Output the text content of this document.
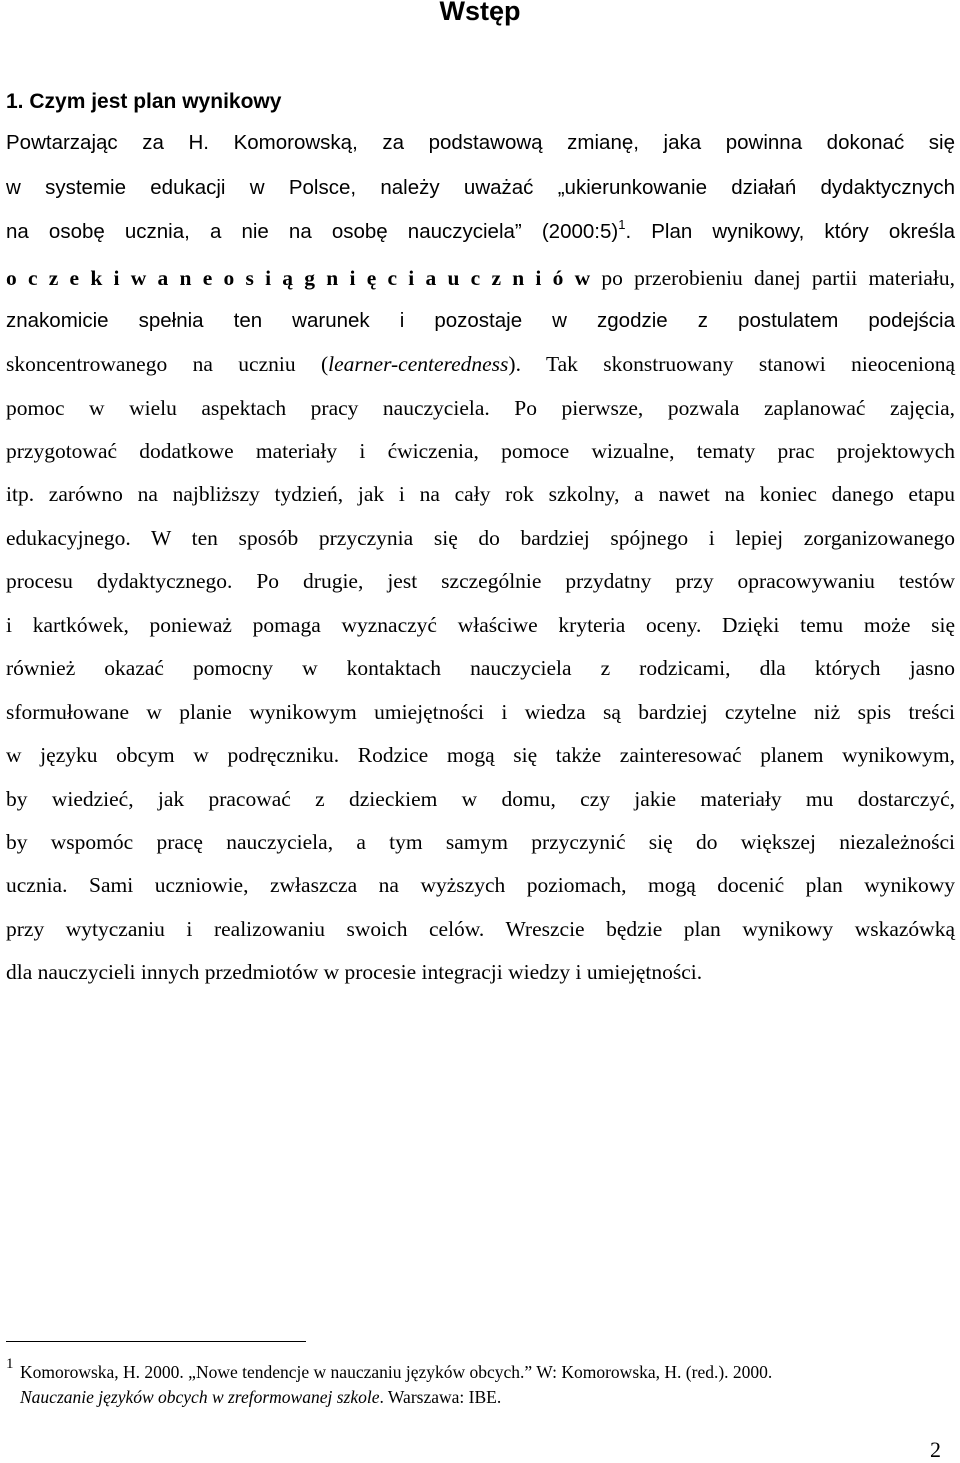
Wstęp
1. Czym jest plan wynikowy
Powtarzając za H. Komorowską, za podstawową zmianę, jaka powinna dokonać się
w systemie edukacji w Polsce, należy uważać „ukierunkowanie działań dydaktycznych
na osobę ucznia, a nie na osobę nauczyciela” (2000:5)$^1$. Plan wynikowy, który określa
o c z e k i w a n e o s i ą g n i ę c i a u c z n i ó w po przerobieniu danej partii materiału,
znakomicie spełnia ten warunek i pozostaje w zgodzie z postulatem podejścia
skoncentrowanego na uczniu (learner-centeredness). Tak skonstruowany stanowi nieocenioną
pomoc w wielu aspektach pracy nauczyciela. Po pierwsze, pozwala zaplanować zajęcia,
przygotować dodatkowe materiały i ćwiczenia, pomoce wizualne, tematy prac projektowych
itp. zarówno na najbliższy tydzień, jak i na cały rok szkolny, a nawet na koniec danego etapu
edukacyjnego. W ten sposób przyczynia się do bardziej spójnego i lepiej zorganizowanego
procesu dydaktycznego. Po drugie, jest szczególnie przydatny przy opracowywaniu testów
i kartkówek, ponieważ pomaga wyznaczyć właściwe kryteria oceny. Dzięki temu może się
również okazać pomocny w kontaktach nauczyciela z rodzicami, dla których jasno
sformułowane w planie wynikowym umiejętności i wiedza są bardziej czytelne niż spis treści
w języku obcym w podręczniku. Rodzice mogą się także zainteresować planem wynikowym,
by wiedzieć, jak pracować z dzieckiem w domu, czy jakie materiały mu dostarczyć,
by wspomóc pracę nauczyciela, a tym samym przyczynić się do większej niezależności
ucznia. Sami uczniowie, zwłaszcza na wyższych poziomach, mogą docenić plan wynikowy
przy wytyczaniu i realizowaniu swoich celów. Wreszcie będzie plan wynikowy wskazówką
dla nauczycieli innych przedmiotów w procesie integracji wiedzy i umiejętności.
1 Komorowska, H. 2000. „Nowe tendencje w nauczaniu języków obcych.” W: Komorowska, H. (red.). 2000.
Nauczanie języków obcych w zreformowanej szkole. Warszawa: IBE.
2
